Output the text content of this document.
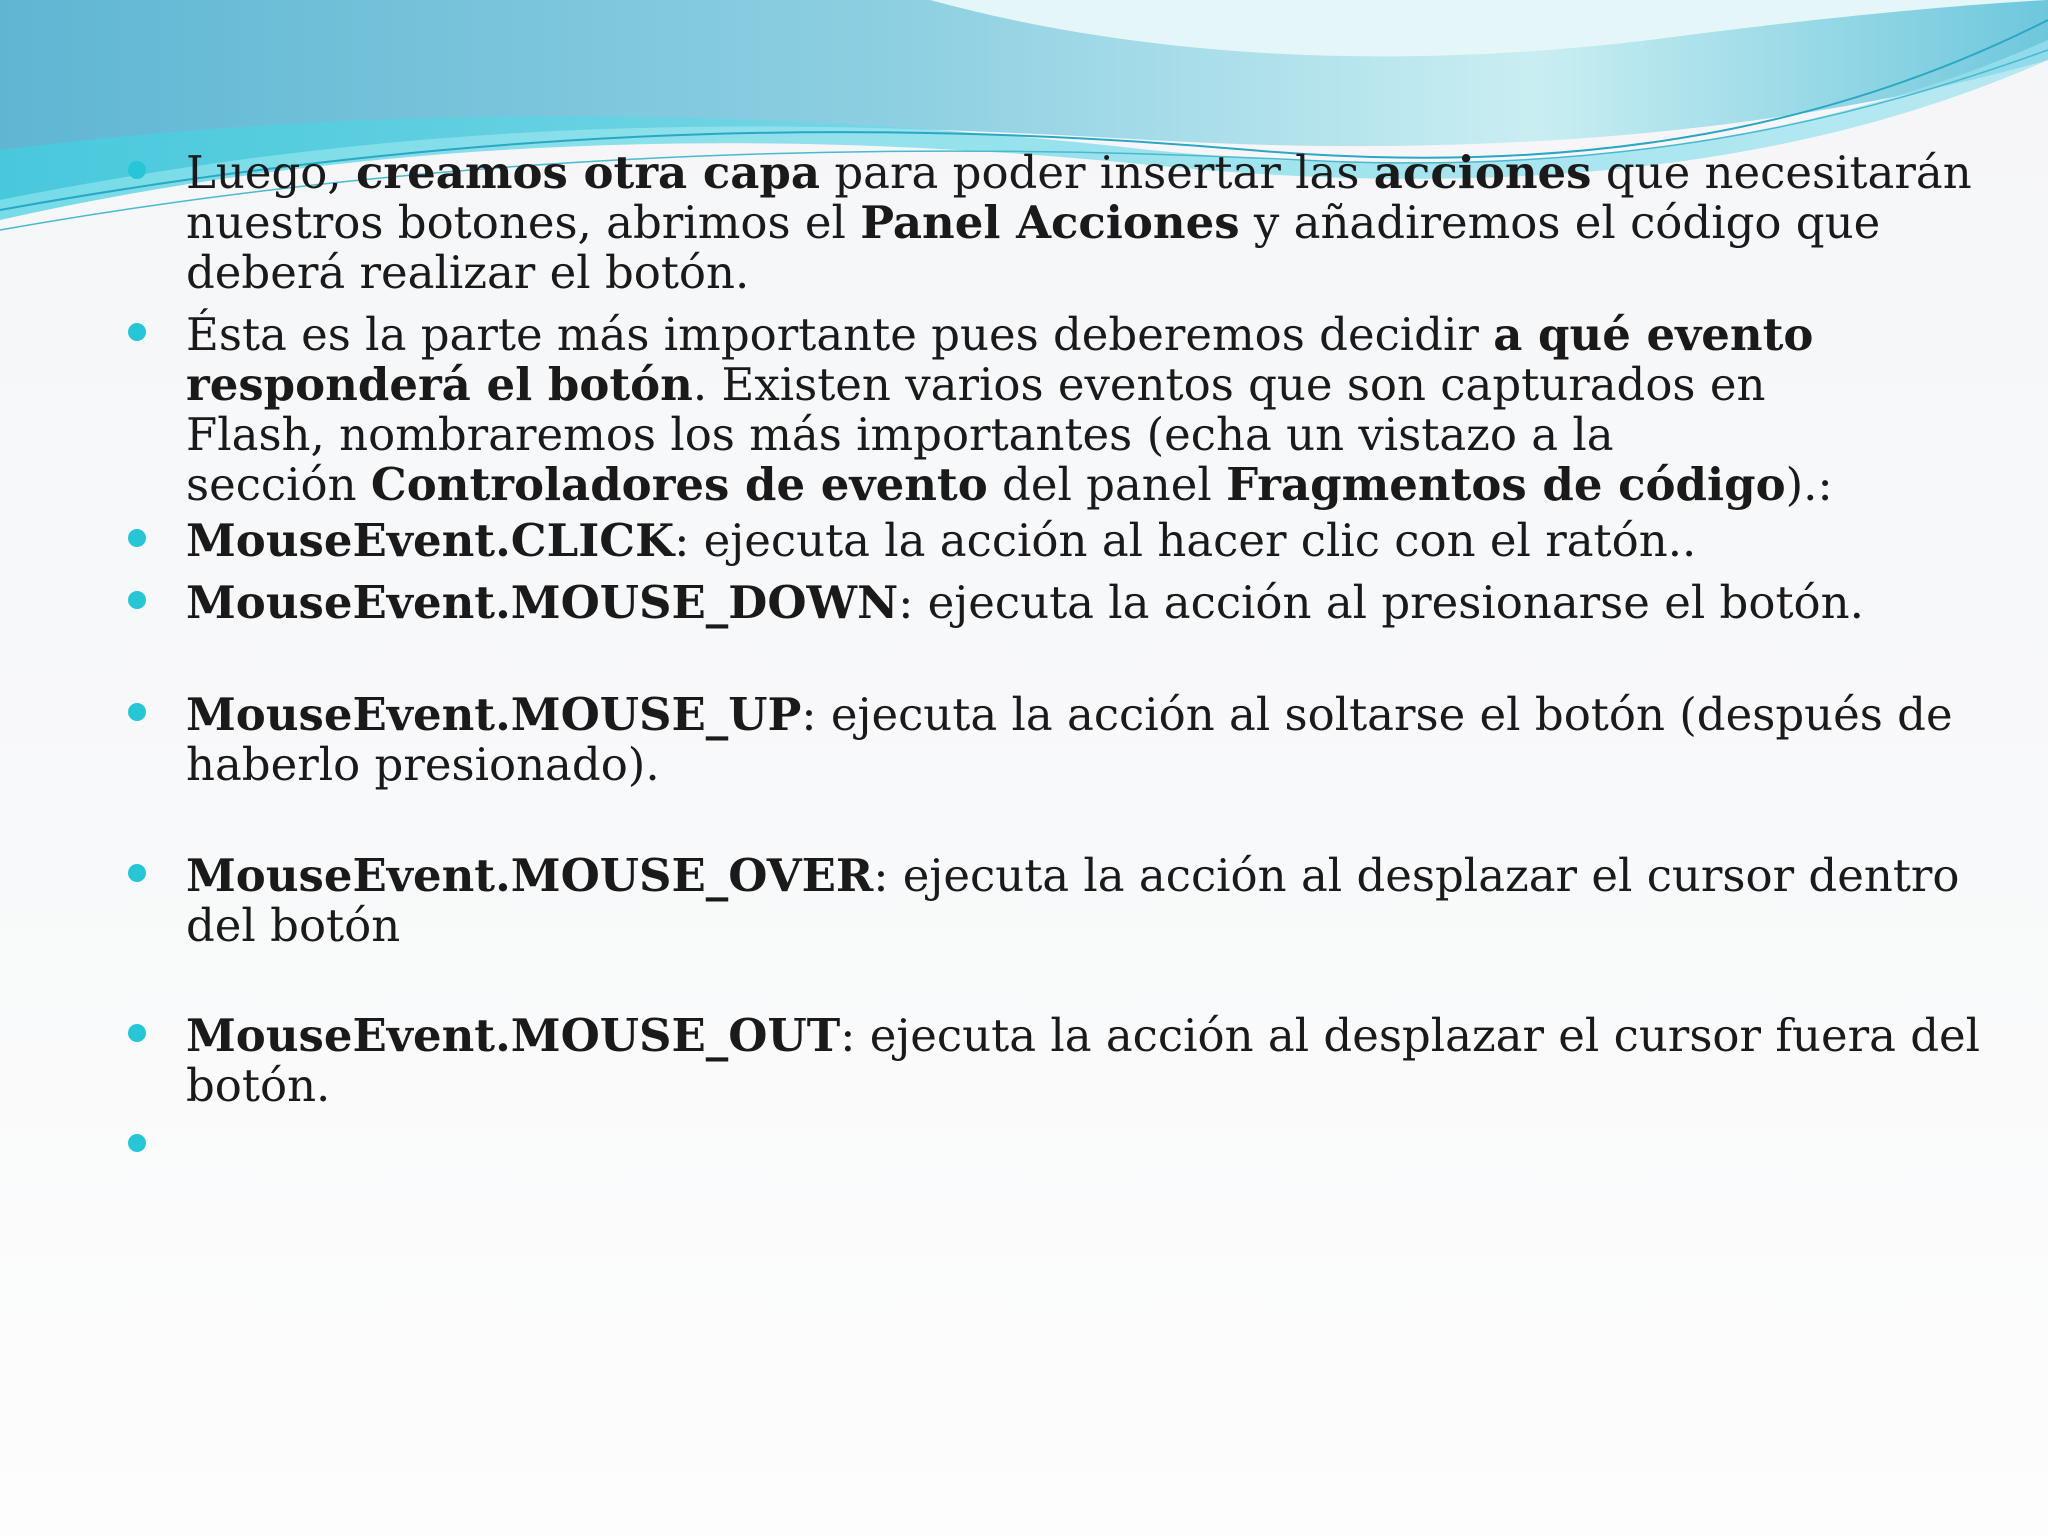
Luego, creamos otra capa para poder insertar las acciones que necesitarán
nuestros botones, abrimos el Panel Acciones y añadiremos el código que
deberá realizar el botón.
Ésta es la parte más importante pues deberemos decidir a qué evento
responderá el botón. Existen varios eventos que son capturados en
Flash, nombraremos los más importantes (echa un vistazo a la
sección Controladores de evento del panel Fragmentos de código).:
MouseEvent.CLICK: ejecuta la acción al hacer clic con el ratón..
MouseEvent.MOUSE_DOWN: ejecuta la acción al presionarse el botón.
MouseEvent.MOUSE_UP: ejecuta la acción al soltarse el botón (después de
haberlo presionado).
MouseEvent.MOUSE_OVER: ejecuta la acción al desplazar el cursor dentro
del botón
MouseEvent.MOUSE_OUT: ejecuta la acción al desplazar el cursor fuera del
botón.
